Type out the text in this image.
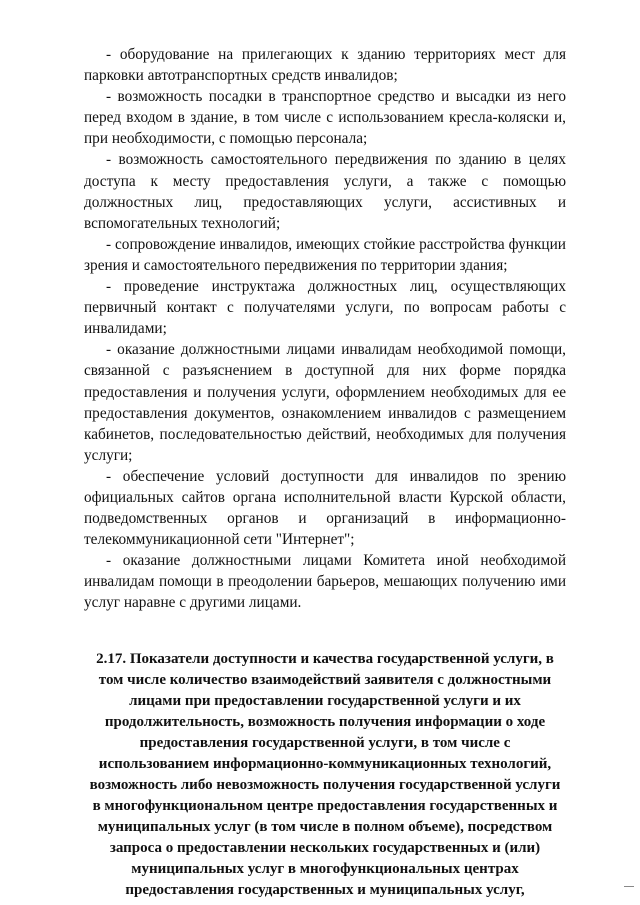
- оборудование на прилегающих к зданию территориях мест для парковки автотранспортных средств инвалидов;

- возможность посадки в транспортное средство и высадки из него перед входом в здание, в том числе с использованием кресла-коляски и, при необходимости, с помощью персонала;

- возможность самостоятельного передвижения по зданию в целях доступа к месту предоставления услуги, а также с помощью должностных лиц, предоставляющих услуги, ассистивных и вспомогательных технологий;

- сопровождение инвалидов, имеющих стойкие расстройства функции зрения и самостоятельного передвижения по территории здания;

- проведение инструктажа должностных лиц, осуществляющих первичный контакт с получателями услуги, по вопросам работы с инвалидами;

- оказание должностными лицами инвалидам необходимой помощи, связанной с разъяснением в доступной для них форме порядка предоставления и получения услуги, оформлением необходимых для ее предоставления документов, ознакомлением инвалидов с размещением кабинетов, последовательностью действий, необходимых для получения услуги;

- обеспечение условий доступности для инвалидов по зрению официальных сайтов органа исполнительной власти Курской области, подведомственных органов и организаций в информационно-телекоммуникационной сети "Интернет";

- оказание должностными лицами Комитета иной необходимой инвалидам помощи в преодолении барьеров, мешающих получению ими услуг наравне с другими лицами.

2.17. Показатели доступности и качества государственной услуги, в том числе количество взаимодействий заявителя с должностными лицами при предоставлении государственной услуги и их продолжительность, возможность получения информации о ходе предоставления государственной услуги, в том числе с использованием информационно-коммуникационных технологий, возможность либо невозможность получения государственной услуги в многофункциональном центре предоставления государственных и муниципальных услуг (в том числе в полном объеме), посредством запроса о предоставлении нескольких государственных и (или) муниципальных услуг в многофункциональных центрах предоставления государственных и муниципальных услуг,
